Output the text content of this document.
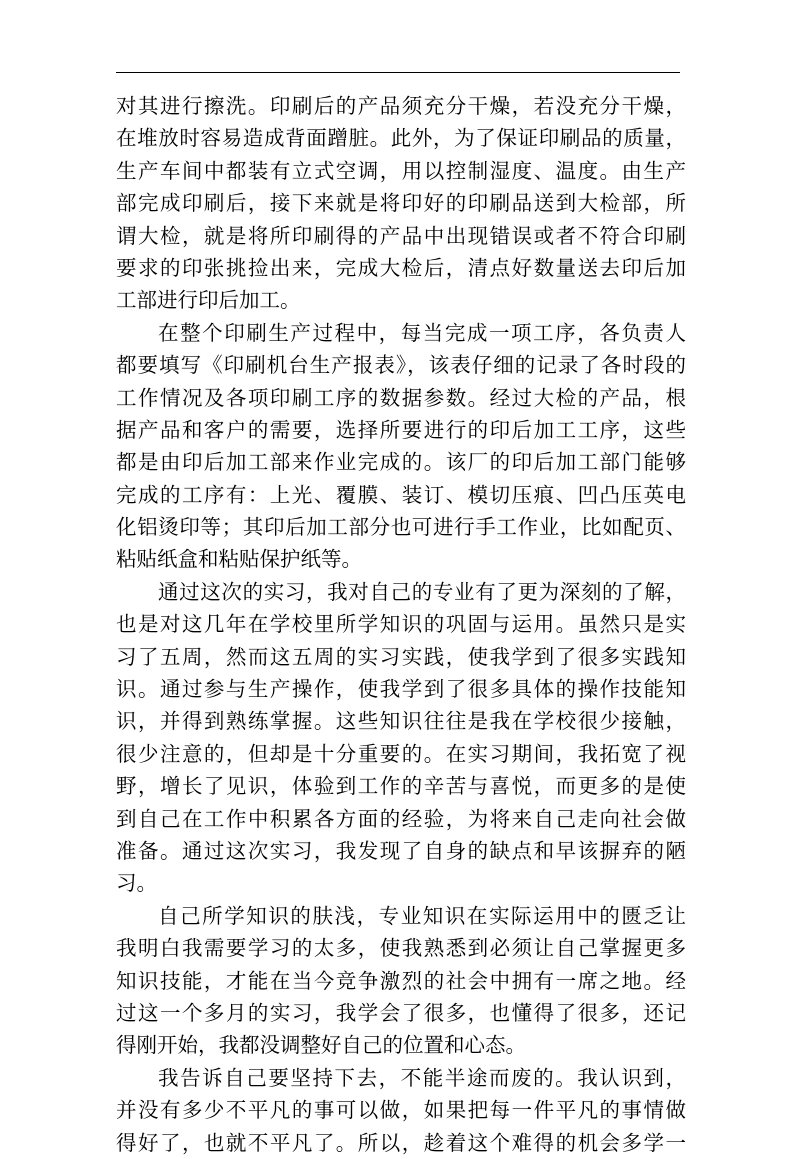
对其进行擦洗。印刷后的产品须充分干燥，若没充分干燥，
在堆放时容易造成背面蹭脏。此外，为了保证印刷品的质量，
生产车间中都装有立式空调，用以控制湿度、温度。由生产
部完成印刷后，接下来就是将印好的印刷品送到大检部，所
谓大检，就是将所印刷得的产品中出现错误或者不符合印刷
要求的印张挑捡出来，完成大检后，清点好数量送去印后加
工部进行印后加工。
在整个印刷生产过程中，每当完成一项工序，各负责人
都要填写《印刷机台生产报表》，该表仔细的记录了各时段的
工作情况及各项印刷工序的数据参数。经过大检的产品，根
据产品和客户的需要，选择所要进行的印后加工工序，这些
都是由印后加工部来作业完成的。该厂的印后加工部门能够
完成的工序有：上光、覆膜、装订、模切压痕、凹凸压英电
化铝烫印等；其印后加工部分也可进行手工作业，比如配页、
粘贴纸盒和粘贴保护纸等。
通过这次的实习，我对自己的专业有了更为深刻的了解，
也是对这几年在学校里所学知识的巩固与运用。虽然只是实
习了五周，然而这五周的实习实践，使我学到了很多实践知
识。通过参与生产操作，使我学到了很多具体的操作技能知
识，并得到熟练掌握。这些知识往往是我在学校很少接触，
很少注意的，但却是十分重要的。在实习期间，我拓宽了视
野，增长了见识，体验到工作的辛苦与喜悦，而更多的是使
到自己在工作中积累各方面的经验，为将来自己走向社会做
准备。通过这次实习，我发现了自身的缺点和早该摒弃的陋
习。
自己所学知识的肤浅，专业知识在实际运用中的匮乏让
我明白我需要学习的太多，使我熟悉到必须让自己掌握更多
知识技能，才能在当今竞争激烈的社会中拥有一席之地。经
过这一个多月的实习，我学会了很多，也懂得了很多，还记
得刚开始，我都没调整好自己的位置和心态。
我告诉自己要坚持下去，不能半途而废的。我认识到，
并没有多少不平凡的事可以做，如果把每一件平凡的事情做
得好了，也就不平凡了。所以，趁着这个难得的机会多学一
